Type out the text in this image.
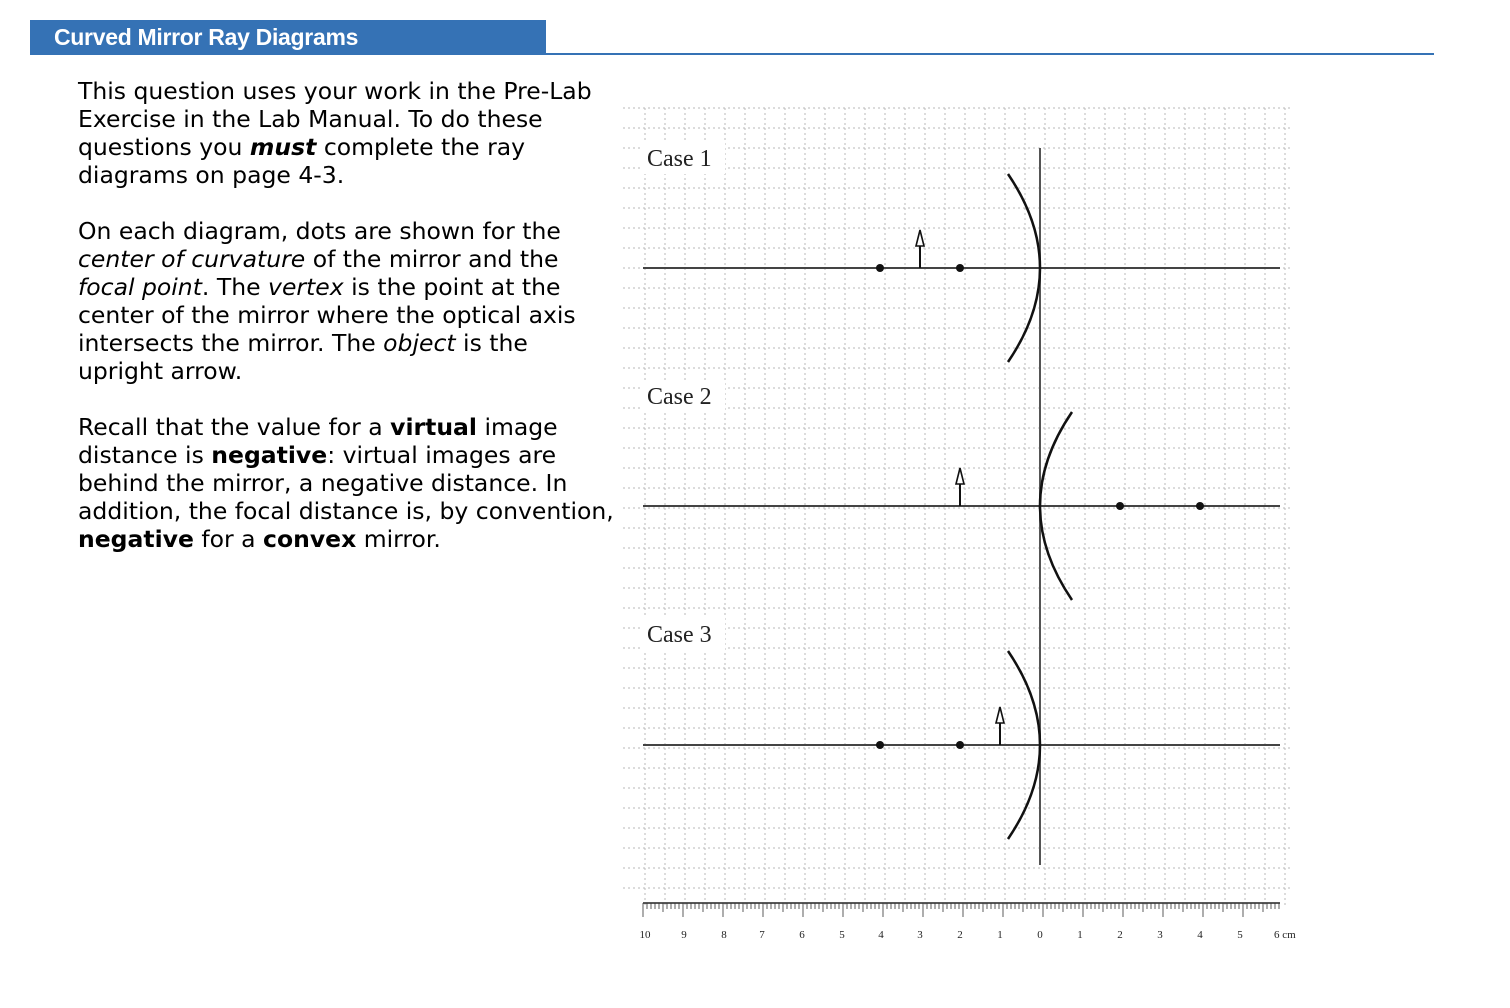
Curved Mirror Ray Diagrams

This question uses your work in the Pre-Lab Exercise in the Lab Manual. To do these questions you must complete the ray diagrams on page 4-3.

On each diagram, dots are shown for the center of curvature of the mirror and the focal point. The vertex is the point at the center of the mirror where the optical axis intersects the mirror. The object is the upright arrow.

Recall that the value for a virtual image distance is negative: virtual images are behind the mirror, a negative distance. In addition, the focal distance is, by convention, negative for a convex mirror.

Case 1
Case 2
Case 3
10	9	8	7	6	5	4	3	2	1	0	1	2	3	4	5	6 cm
